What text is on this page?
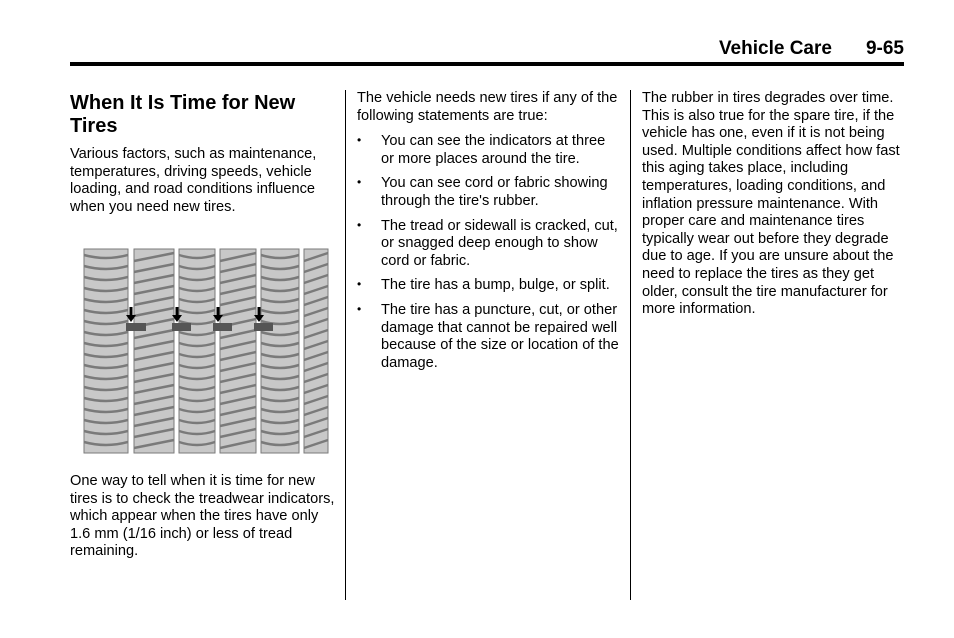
Vehicle Care 9-65
When It Is Time for New Tires

Various factors, such as maintenance, temperatures, driving speeds, vehicle loading, and road conditions influence when you need new tires.

One way to tell when it is time for new tires is to check the treadwear indicators, which appear when the tires have only 1.6 mm (1/16 inch) or less of tread remaining.

The vehicle needs new tires if any of the following statements are true:

• You can see the indicators at three or more places around the tire.
• You can see cord or fabric showing through the tire's rubber.
• The tread or sidewall is cracked, cut, or snagged deep enough to show cord or fabric.
• The tire has a bump, bulge, or split.
• The tire has a puncture, cut, or other damage that cannot be repaired well because of the size or location of the damage.

The rubber in tires degrades over time. This is also true for the spare tire, if the vehicle has one, even if it is not being used. Multiple conditions affect how fast this aging takes place, including temperatures, loading conditions, and inflation pressure maintenance. With proper care and maintenance tires typically wear out before they degrade due to age. If you are unsure about the need to replace the tires as they get older, consult the tire manufacturer for more information.
